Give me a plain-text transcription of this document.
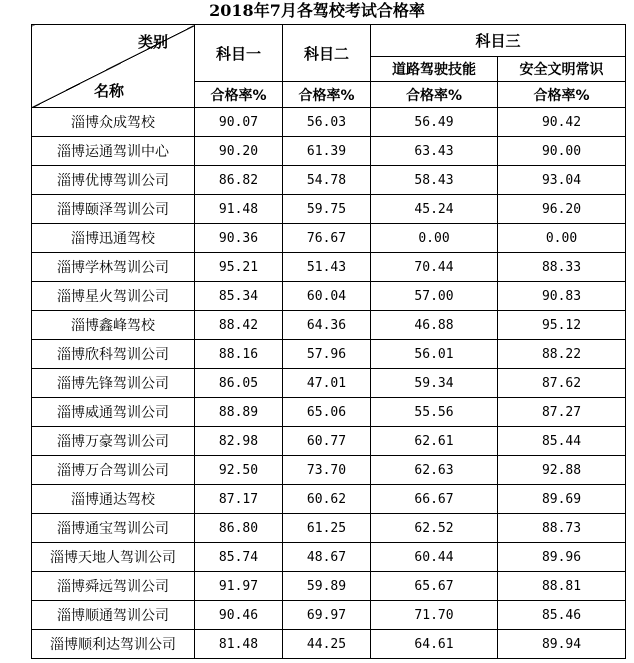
2018年7月各驾校考试合格率
类别
名称	科目一	科目二	科目三	
			道路驾驶技能	安全文明常识
	合格率%	合格率%	合格率%	合格率%
淄博众成驾校	90.07	56.03	56.49	90.42
淄博运通驾训中心	90.20	61.39	63.43	90.00
淄博优博驾训公司	86.82	54.78	58.43	93.04
淄博颐泽驾训公司	91.48	59.75	45.24	96.20
淄博迅通驾校	90.36	76.67	0.00	0.00
淄博学林驾训公司	95.21	51.43	70.44	88.33
淄博星火驾训公司	85.34	60.04	57.00	90.83
淄博鑫峰驾校	88.42	64.36	46.88	95.12
淄博欣科驾训公司	88.16	57.96	56.01	88.22
淄博先锋驾训公司	86.05	47.01	59.34	87.62
淄博威通驾训公司	88.89	65.06	55.56	87.27
淄博万豪驾训公司	82.98	60.77	62.61	85.44
淄博万合驾训公司	92.50	73.70	62.63	92.88
淄博通达驾校	87.17	60.62	66.67	89.69
淄博通宝驾训公司	86.80	61.25	62.52	88.73
淄博天地人驾训公司	85.74	48.67	60.44	89.96
淄博舜远驾训公司	91.97	59.89	65.67	88.81
淄博顺通驾训公司	90.46	69.97	71.70	85.46
淄博顺利达驾训公司	81.48	44.25	64.61	89.94
